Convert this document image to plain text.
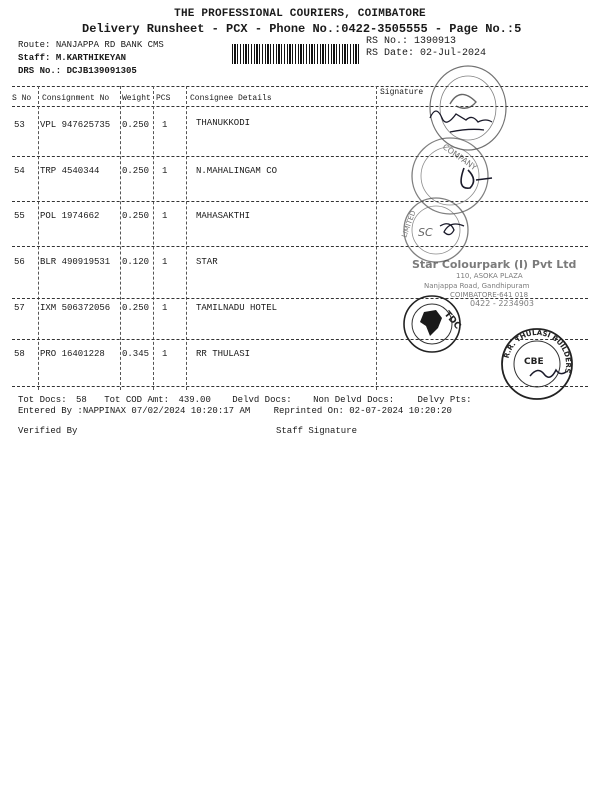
THE PROFESSIONAL COURIERS, COIMBATORE
Delivery Runsheet - PCX - Phone No.:0422-3505555 - Page No.:5
Route: NANJAPPA RD BANK CMS
Staff: M.KARTHIKEYAN
DRS No.: DCJB139091305
RS No.: 1390913
RS Date: 02-Jul-2024
S No Consignment No Weight PCS Consignee Details
Signature
53 VPL 947625735 0.250 1	THANUKKODI
54 TRP 4540344	0.250 1	N.MAHALINGAM CO
55 POL 1974662	0.250 1	MAHASAKTHI
56 BLR 490919531 0.120 1	STAR
57 IXM 506372056 0.250 1	TAMILNADU HOTEL
58 PRO 16401228 0.345 1	RR THULASI
Tot Docs: 58 Tot COD Amt: 439.00 Delvd Docs: Non Delvd Docs:	Delvy Pts:
Entered By :NAPPINAX 07/02/2024 10:20:17 AM	Reprinted On: 02-07-2024 10:20:20
Verified By	Staff Signature
COMPANY
LIMITED SC
Star Colourpark (I) Pvt Ltd
110, ASOKA PLAZA
Nanjappa Road, Gandhipuram
COIMBATORE-641 018
0422 - 2234903
TDC
R.R. THULASI BUILDERS
CBE
